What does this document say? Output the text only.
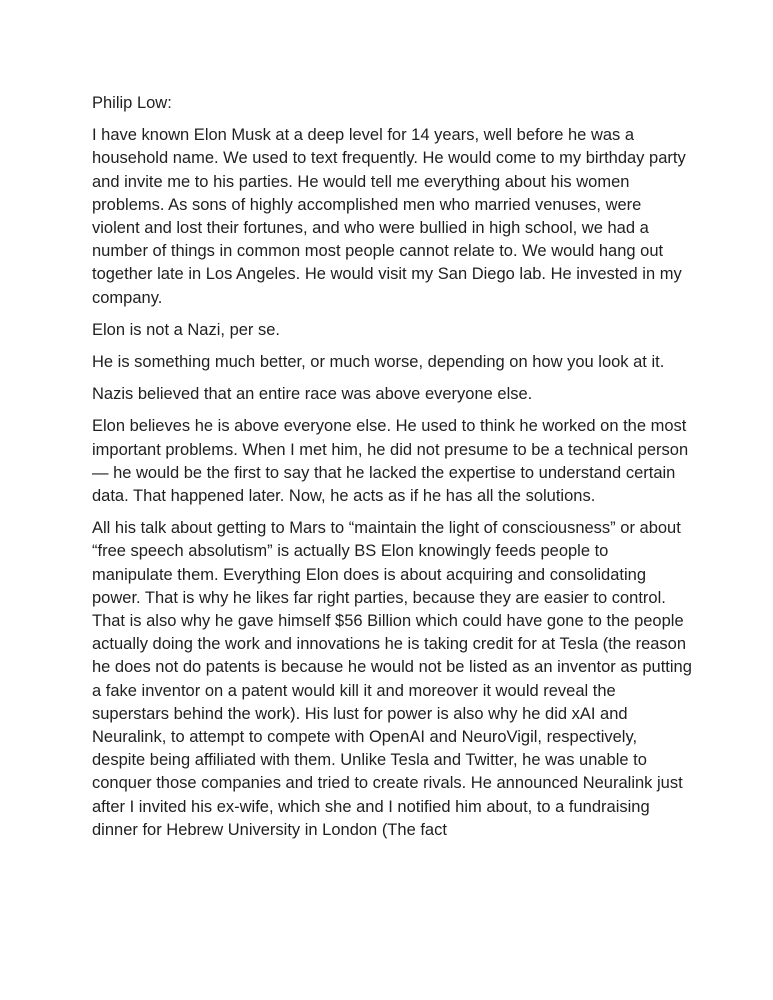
Philip Low:

I have known Elon Musk at a deep level for 14 years, well before he was a household name. We used to text frequently. He would come to my birthday party and invite me to his parties. He would tell me everything about his women problems. As sons of highly accomplished men who married venuses, were violent and lost their fortunes, and who were bullied in high school, we had a number of things in common most people cannot relate to. We would hang out together late in Los Angeles. He would visit my San Diego lab. He invested in my company.

Elon is not a Nazi, per se.

He is something much better, or much worse, depending on how you look at it.

Nazis believed that an entire race was above everyone else.

Elon believes he is above everyone else. He used to think he worked on the most important problems. When I met him, he did not presume to be a technical person — he would be the first to say that he lacked the expertise to understand certain data. That happened later. Now, he acts as if he has all the solutions.

All his talk about getting to Mars to “maintain the light of consciousness” or about “free speech absolutism” is actually BS Elon knowingly feeds people to manipulate them. Everything Elon does is about acquiring and consolidating power. That is why he likes far right parties, because they are easier to control. That is also why he gave himself $56 Billion which could have gone to the people actually doing the work and innovations he is taking credit for at Tesla (the reason he does not do patents is because he would not be listed as an inventor as putting a fake inventor on a patent would kill it and moreover it would reveal the superstars behind the work). His lust for power is also why he did xAI and Neuralink, to attempt to compete with OpenAI and NeuroVigil, respectively, despite being affiliated with them. Unlike Tesla and Twitter, he was unable to conquer those companies and tried to create rivals. He announced Neuralink just after I invited his ex-wife, which she and I notified him about, to a fundraising dinner for Hebrew University in London (The fact
